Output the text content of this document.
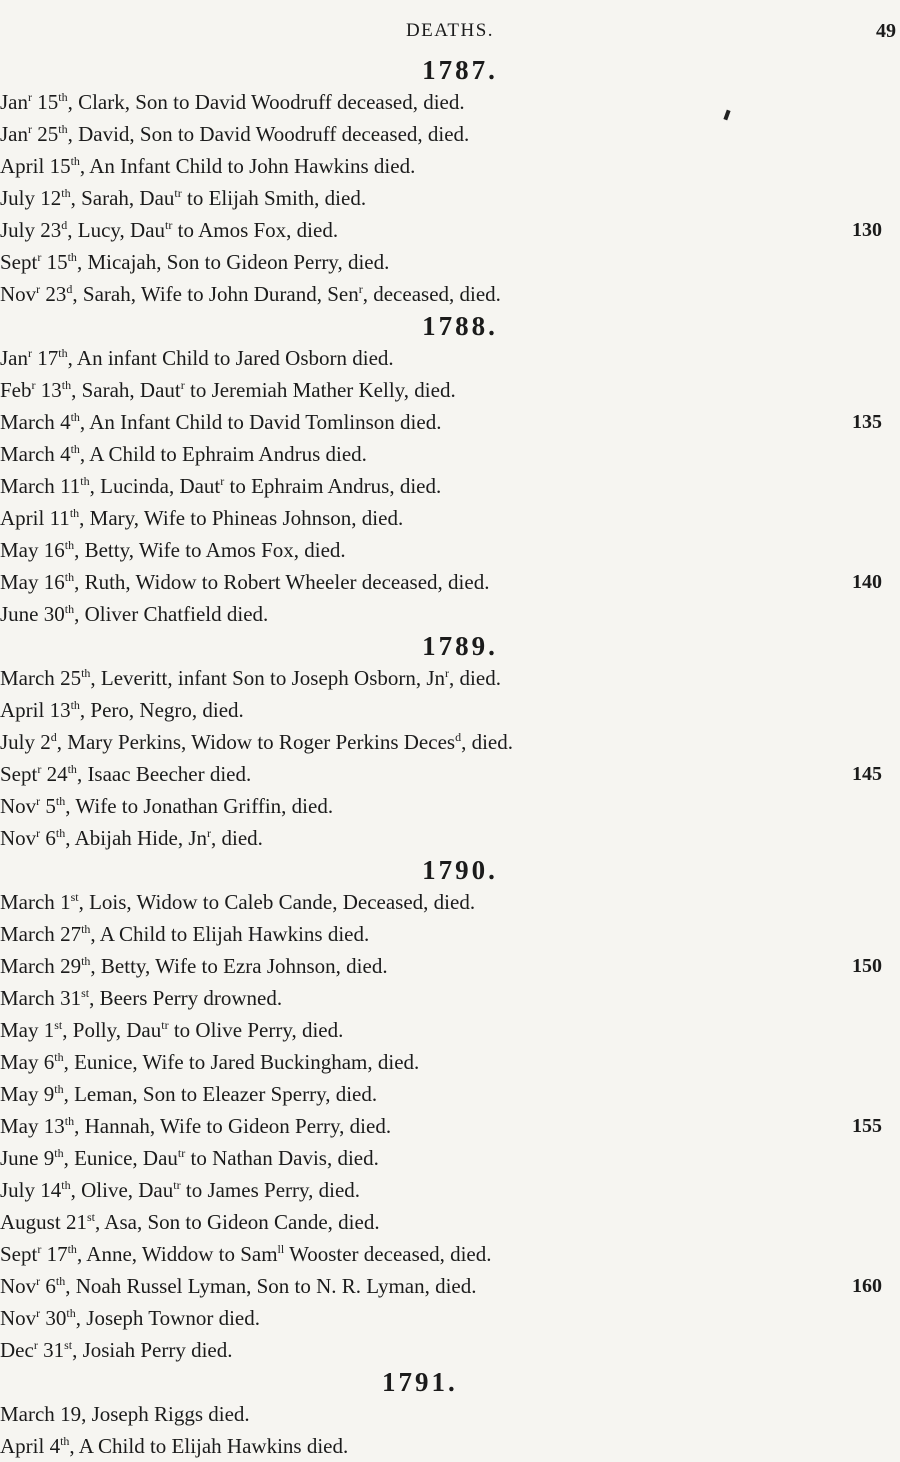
DEATHS.	49
1787.
Jan$^r$ 15th, Clark, Son to David Woodruff deceased, died.
Jan$^r$ 25th, David, Son to David Woodruff deceased, died.
April 15th, An Infant Child to John Hawkins died.
July 12th, Sarah, Dau$^{tr}$ to Elijah Smith, died.
July 23$^d$, Lucy, Dau$^{tr}$ to Amos Fox, died.	130
Sept$^r$ 15th, Micajah, Son to Gideon Perry, died.
Nov$^r$ 23$^d$, Sarah, Wife to John Durand, Sen$^r$, deceased, died.
1788.
Jan$^r$ 17th, An infant Child to Jared Osborn died.
Feb$^r$ 13th, Sarah, Daut$^r$ to Jeremiah Mather Kelly, died.
March 4th, An Infant Child to David Tomlinson died.	135
March 4th, A Child to Ephraim Andrus died.
March 11th, Lucinda, Daut$^r$ to Ephraim Andrus, died.
April 11th, Mary, Wife to Phineas Johnson, died.
May 16th, Betty, Wife to Amos Fox, died.
May 16th, Ruth, Widow to Robert Wheeler deceased, died.	140
June 30th, Oliver Chatfield died.
1789.
March 25th, Leveritt, infant Son to Joseph Osborn, Jn$^r$, died.
April 13th, Pero, Negro, died.
July 2$^d$, Mary Perkins, Widow to Roger Perkins Deces$^d$, died.
Sept$^r$ 24th, Isaac Beecher died.	145
Nov$^r$ 5th, Wife to Jonathan Griffin, died.
Nov$^r$ 6th, Abijah Hide, Jn$^r$, died.
1790.
March 1st, Lois, Widow to Caleb Cande, Deceased, died.
March 27th, A Child to Elijah Hawkins died.
March 29th, Betty, Wife to Ezra Johnson, died.	150
March 31st, Beers Perry drowned.
May 1st, Polly, Dau$^{tr}$ to Olive Perry, died.
May 6th, Eunice, Wife to Jared Buckingham, died.
May 9th, Leman, Son to Eleazer Sperry, died.
May 13th, Hannah, Wife to Gideon Perry, died.	155
June 9th, Eunice, Dau$^{tr}$ to Nathan Davis, died.
July 14th, Olive, Dau$^{tr}$ to James Perry, died.
August 21st, Asa, Son to Gideon Cande, died.
Sept$^r$ 17th, Anne, Widdow to Sam$^{ll}$ Wooster deceased, died.
Nov$^r$ 6th, Noah Russel Lyman, Son to N. R. Lyman, died.	160
Nov$^r$ 30th, Joseph Townor died.
Dec$^r$ 31st, Josiah Perry died.
1791.
March 19, Joseph Riggs died.
April 4th, A Child to Elijah Hawkins died.
